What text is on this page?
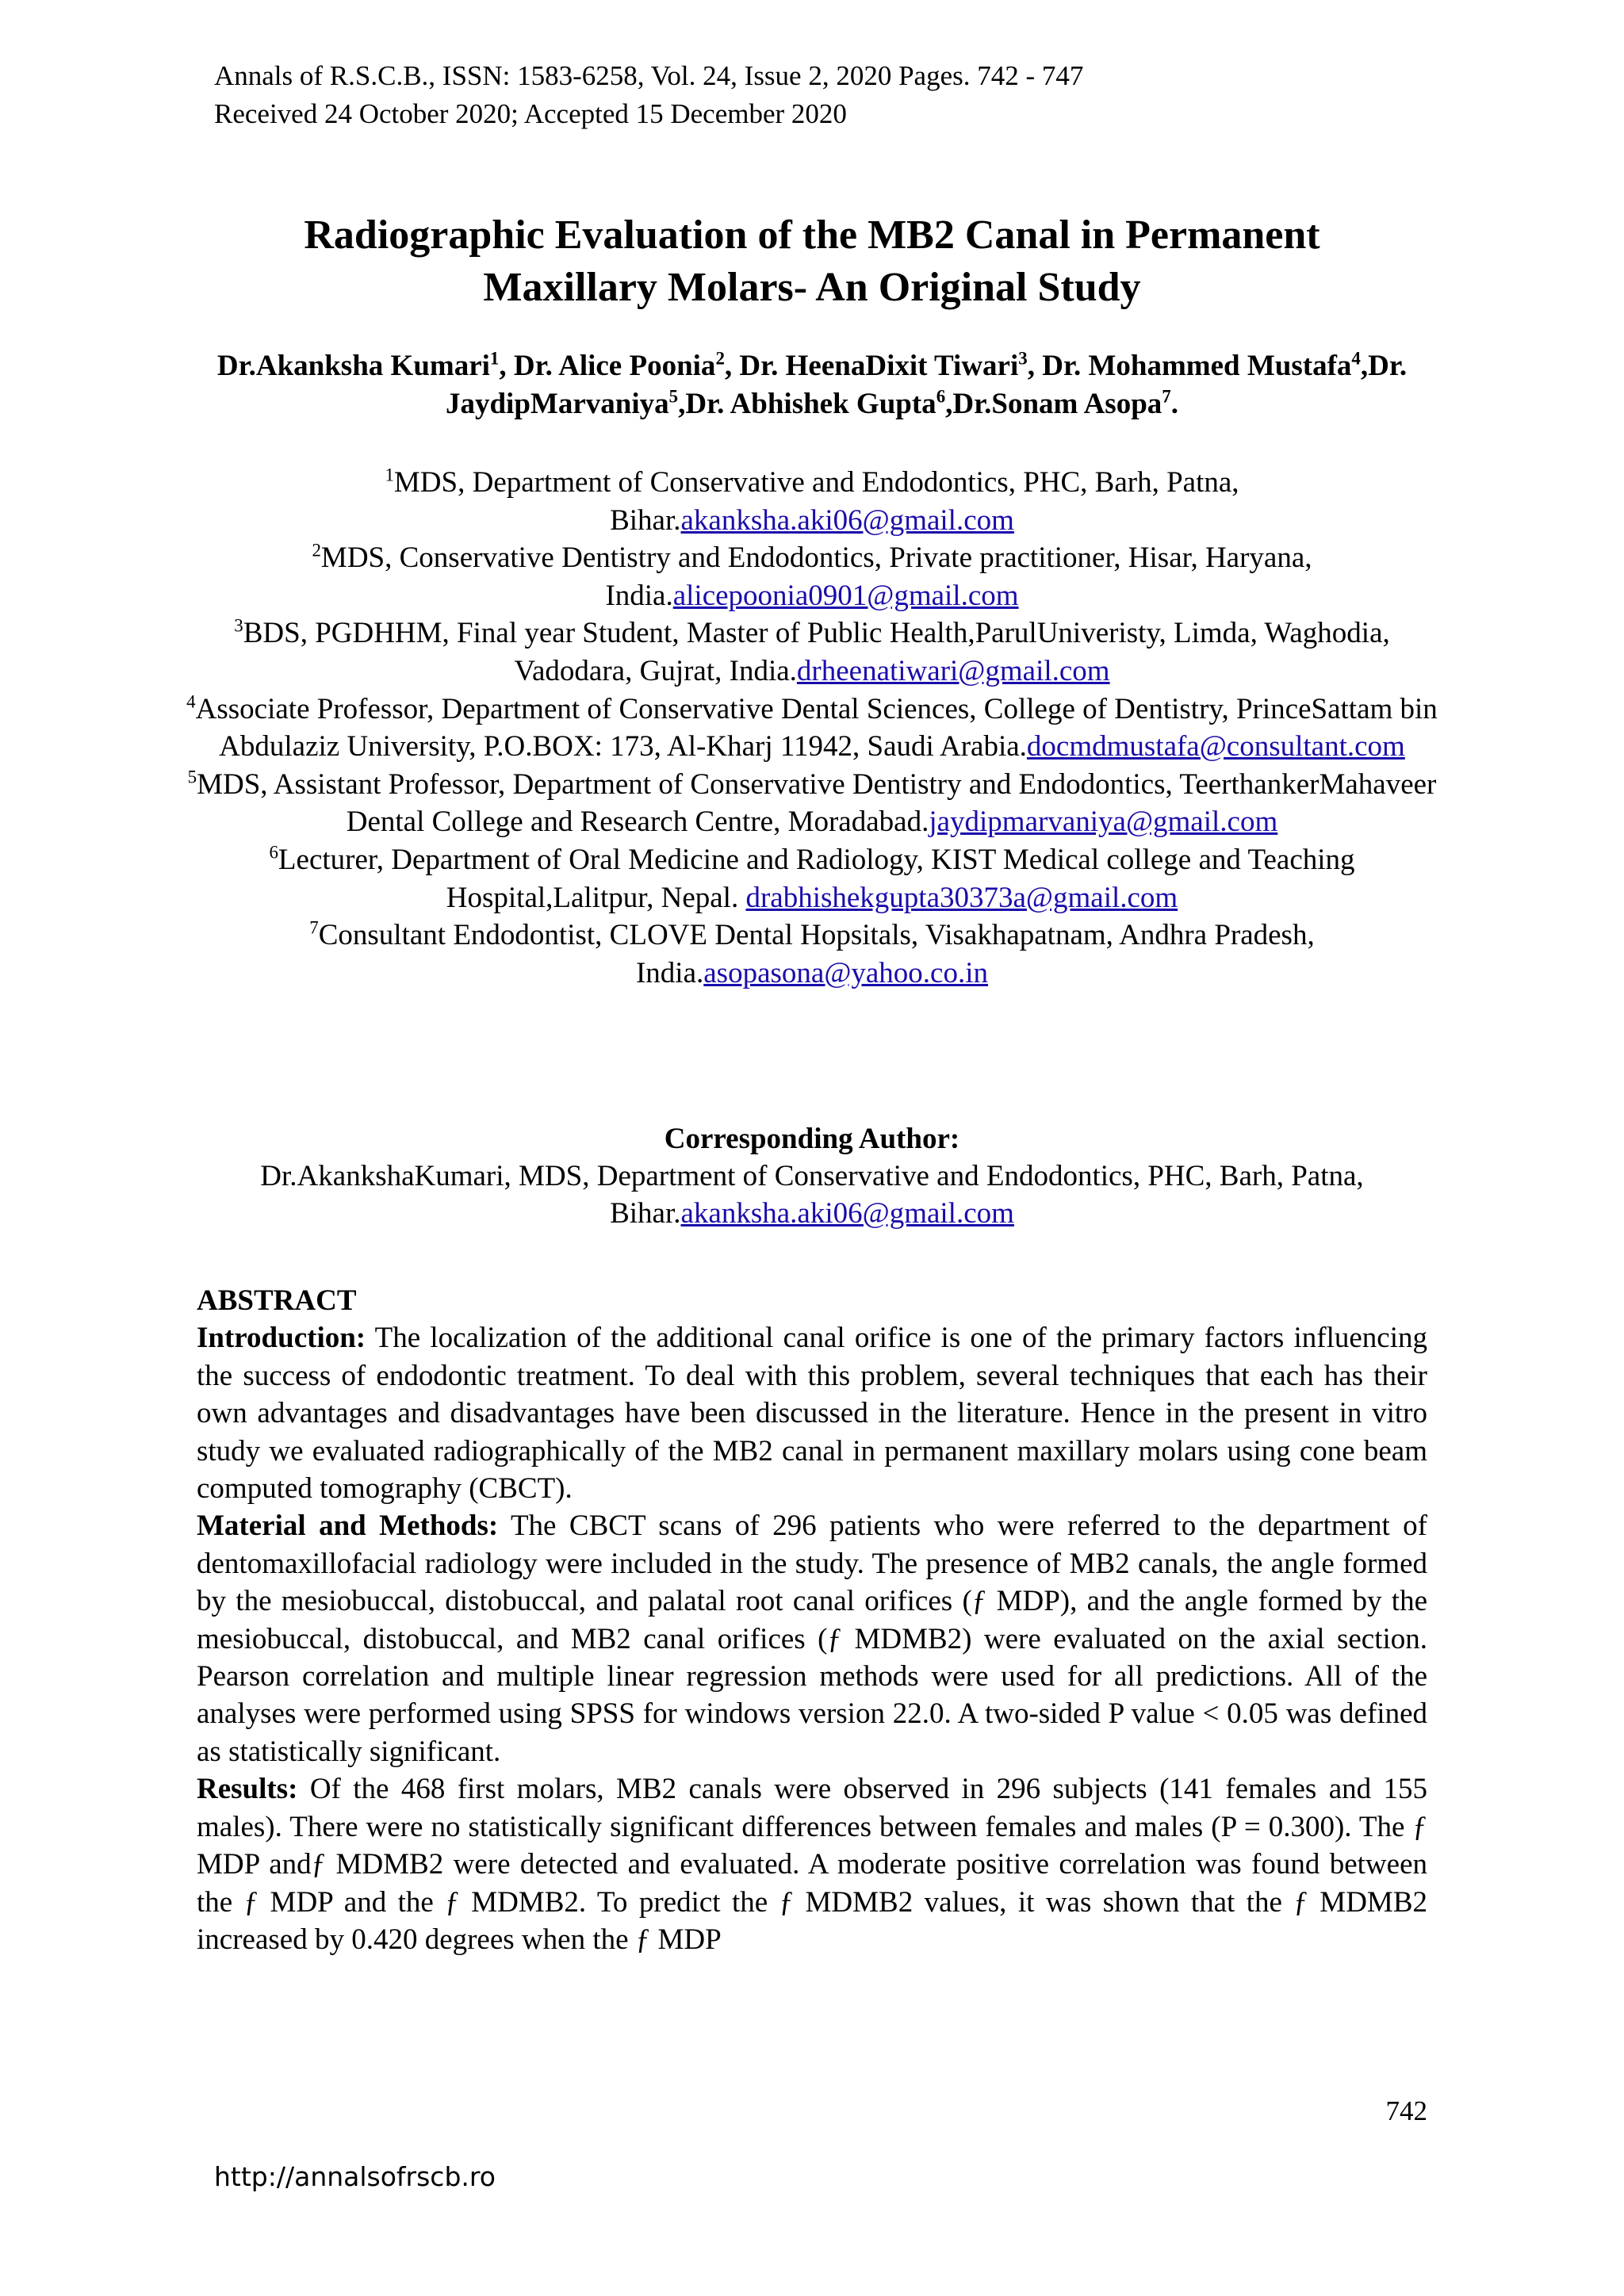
Annals of R.S.C.B., ISSN: 1583-6258, Vol. 24, Issue 2, 2020 Pages. 742 - 747
Received 24 October 2020; Accepted 15 December 2020
Radiographic Evaluation of the MB2 Canal in Permanent
Maxillary Molars- An Original Study
Dr.Akanksha Kumari$^1$, Dr. Alice Poonia$^2$, Dr. HeenaDixit Tiwari$^3$, Dr. Mohammed Mustafa$^4$,Dr. JaydipMarvaniya$^5$,Dr. Abhishek Gupta$^6$,Dr.Sonam Asopa$^7$.

$^1$MDS, Department of Conservative and Endodontics, PHC, Barh, Patna, Bihar.akanksha.aki06@gmail.com

$^2$MDS, Conservative Dentistry and Endodontics, Private practitioner, Hisar, Haryana, India.alicepoonia0901@gmail.com

$^3$BDS, PGDHHM, Final year Student, Master of Public Health,ParulUniveristy, Limda, Waghodia, Vadodara, Gujrat, India.drheenatiwari@gmail.com

$^4$Associate Professor, Department of Conservative Dental Sciences, College of Dentistry, PrinceSattam bin Abdulaziz University, P.O.BOX: 173, Al-Kharj 11942, Saudi Arabia.docmdmustafa@consultant.com

$^5$MDS, Assistant Professor, Department of Conservative Dentistry and Endodontics, TeerthankerMahaveer Dental College and Research Centre, Moradabad.jaydipmarvaniya@gmail.com

$^6$Lecturer, Department of Oral Medicine and Radiology, KIST Medical college and Teaching Hospital,Lalitpur, Nepal. drabhishekgupta30373a@gmail.com

$^7$Consultant Endodontist, CLOVE Dental Hopsitals, Visakhapatnam, Andhra Pradesh, India.asopasona@yahoo.co.in

Corresponding Author:
Dr.AkankshaKumari, MDS, Department of Conservative and Endodontics, PHC, Barh, Patna, Bihar.akanksha.aki06@gmail.com

ABSTRACT

Introduction: The localization of the additional canal orifice is one of the primary factors influencing the success of endodontic treatment. To deal with this problem, several techniques that each has their own advantages and disadvantages have been discussed in the literature. Hence in the present in vitro study we evaluated radiographically of the MB2 canal in permanent maxillary molars using cone beam computed tomography (CBCT).

Material and Methods: The CBCT scans of 296 patients who were referred to the department of dentomaxillofacial radiology were included in the study. The presence of MB2 canals, the angle formed by the mesiobuccal, distobuccal, and palatal root canal orifices (ƒ MDP), and the angle formed by the mesiobuccal, distobuccal, and MB2 canal orifices (ƒ MDMB2) were evaluated on the axial section. Pearson correlation and multiple linear regression methods were used for all predictions. All of the analyses were performed using SPSS for windows version 22.0. A two-sided P value < 0.05 was defined as statistically significant.

Results: Of the 468 first molars, MB2 canals were observed in 296 subjects (141 females and 155 males). There were no statistically significant differences between females and males (P = 0.300). The ƒ MDP andƒ MDMB2 were detected and evaluated. A moderate positive correlation was found between the ƒ MDP and the ƒ MDMB2. To predict the ƒ MDMB2 values, it was shown that the ƒ MDMB2 increased by 0.420 degrees when the ƒ MDP

742
http://annalsofrscb.ro
